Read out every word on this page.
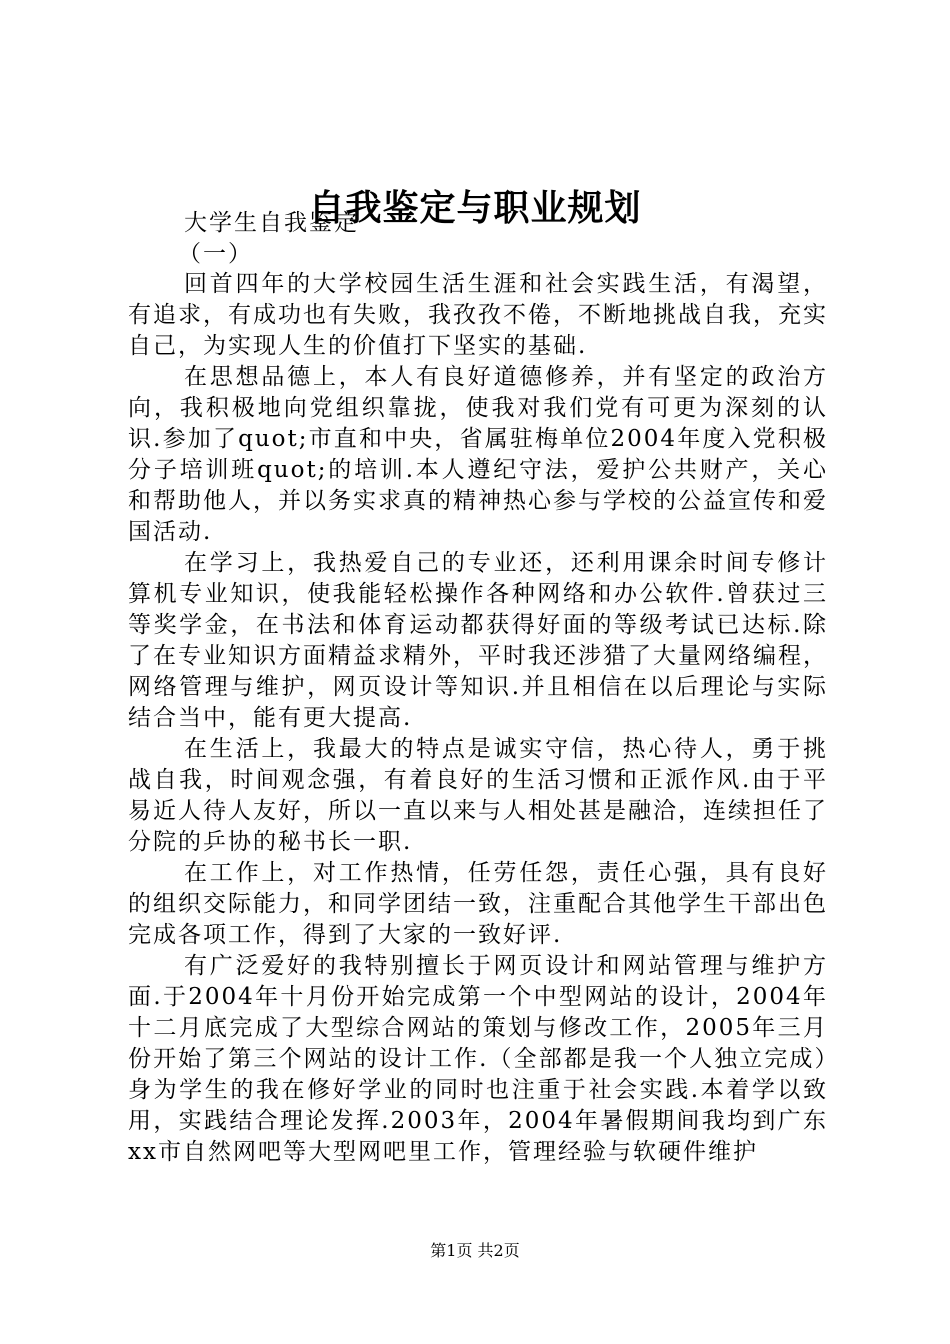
自我鉴定与职业规划

大学生自我鉴定

（一）

回首四年的大学校园生活生涯和社会实践生活，有渴望，有追求，有成功也有失败，我孜孜不倦，不断地挑战自我，充实自己，为实现人生的价值打下坚实的基础.

在思想品德上，本人有良好道德修养，并有坚定的政治方向，我积极地向党组织靠拢，使我对我们党有可更为深刻的认识.参加了quot;市直和中央，省属驻梅单位2004年度入党积极分子培训班quot;的培训.本人遵纪守法，爱护公共财产，关心和帮助他人，并以务实求真的精神热心参与学校的公益宣传和爱国活动.

在学习上，我热爱自己的专业还，还利用课余时间专修计算机专业知识，使我能轻松操作各种网络和办公软件.曾获过三等奖学金，在书法和体育运动都获得好面的等级考试已达标.除了在专业知识方面精益求精外，平时我还涉猎了大量网络编程，网络管理与维护，网页设计等知识.并且相信在以后理论与实际结合当中，能有更大提高.

在生活上，我最大的特点是诚实守信，热心待人，勇于挑战自我，时间观念强，有着良好的生活习惯和正派作风.由于平易近人待人友好，所以一直以来与人相处甚是融洽，连续担任了分院的乒协的秘书长一职.

在工作上，对工作热情，任劳任怨，责任心强，具有良好的组织交际能力，和同学团结一致，注重配合其他学生干部出色完成各项工作，得到了大家的一致好评.

有广泛爱好的我特别擅长于网页设计和网站管理与维护方面.于2004年十月份开始完成第一个中型网站的设计，2004年十二月底完成了大型综合网站的策划与修改工作，2005年三月份开始了第三个网站的设计工作.（全部都是我一个人独立完成）身为学生的我在修好学业的同时也注重于社会实践.本着学以致用，实践结合理论发挥.2003年，2004年暑假期间我均到广东xx市自然网吧等大型网吧里工作，管理经验与软硬件维护

第1页 共2页
